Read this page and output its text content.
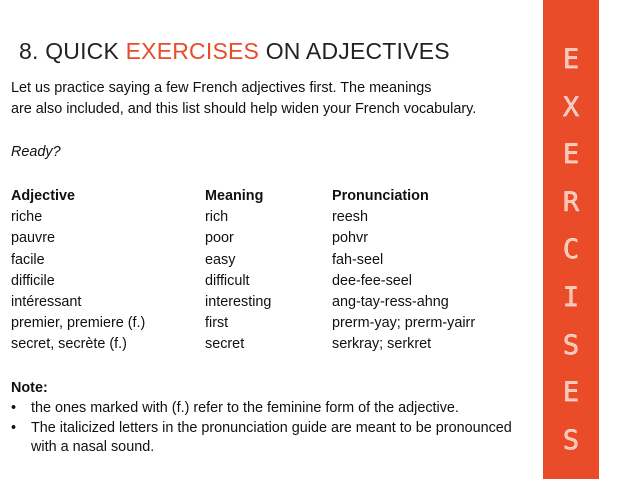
8. QUICK EXERCISES ON ADJECTIVES
Let us practice saying a few French adjectives first. The meanings
are also included, and this list should help widen your French vocabulary.
Ready?
Adjective	Meaning	Pronunciation
riche	rich	reesh
pauvre	poor	pohvr
facile	easy	fah-seel
difficile	difficult	dee-fee-seel
intéressant	interesting	ang-tay-ress-ahng
premier, premiere (f.)	first	prerm-yay; prerm-yairr
secret, secrète (f.)	secret	serkray; serkret
Note:
•	the ones marked with (f.) refer to the feminine form of the adjective.
•	The italicized letters in the pronunciation guide are meant to be pronounced with a nasal sound.
E
X
E
R
C
I
S
E
S
